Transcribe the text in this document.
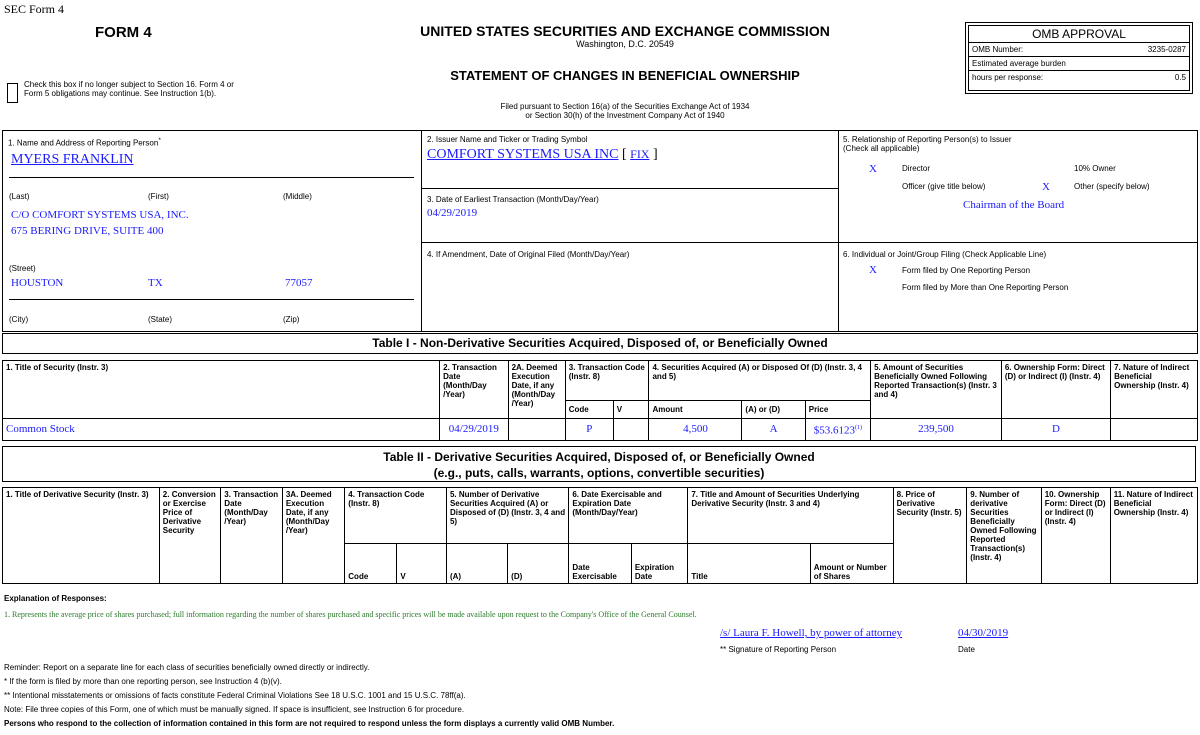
SEC Form 4
FORM 4
Check this box if no longer subject to Section 16. Form 4 or Form 5 obligations may continue. See Instruction 1(b).
UNITED STATES SECURITIES AND EXCHANGE COMMISSION
Washington, D.C. 20549
STATEMENT OF CHANGES IN BENEFICIAL OWNERSHIP
Filed pursuant to Section 16(a) of the Securities Exchange Act of 1934
or Section 30(h) of the Investment Company Act of 1940
OMB APPROVAL
OMB Number:	3235-0287
Estimated average burden
hours per response:	0.5
1. Name and Address of Reporting Person*
MYERS FRANKLIN
(Last)	(First)	(Middle)
C/O COMFORT SYSTEMS USA, INC.
675 BERING DRIVE, SUITE 400
(Street)
HOUSTON	TX	77057
(City)	(State)	(Zip)
2. Issuer Name and Ticker or Trading Symbol
COMFORT SYSTEMS USA INC [ FIX ]
3. Date of Earliest Transaction (Month/Day/Year)
04/29/2019
4. If Amendment, Date of Original Filed (Month/Day/Year)
5. Relationship of Reporting Person(s) to Issuer
(Check all applicable)
X	Director	10% Owner
Officer (give title below)	X	Other (specify below)
Chairman of the Board
6. Individual or Joint/Group Filing (Check Applicable Line)
X	Form filed by One Reporting Person
Form filed by More than One Reporting Person
Table I - Non-Derivative Securities Acquired, Disposed of, or Beneficially Owned
1. Title of Security (Instr. 3)	2. Transaction Date (Month/Day /Year)	2A. Deemed Execution Date, if any (Month/Day /Year)	3. Transaction Code (Instr. 8)		4. Securities Acquired (A) or Disposed Of (D) (Instr. 3, 4 and 5)			5. Amount of Securities Beneficially Owned Following Reported Transaction(s) (Instr. 3 and 4)	6. Ownership Form: Direct (D) or Indirect (I) (Instr. 4)	7. Nature of Indirect Beneficial Ownership (Instr. 4)
			Code	V	Amount	(A) or (D)	Price			
Common Stock	04/29/2019		P		4,500	A	$53.6123$^{(1)}$	239,500	D	
Table II - Derivative Securities Acquired, Disposed of, or Beneficially Owned
(e.g., puts, calls, warrants, options, convertible securities)
1. Title of Derivative Security (Instr. 3)	2. Conversion or Exercise Price of Derivative Security	3. Transaction Date (Month/Day /Year)	3A. Deemed Execution Date, if any (Month/Day /Year)	4. Transaction Code (Instr. 8)		5. Number of Derivative Securities Acquired (A) or Disposed of (D) (Instr. 3, 4 and 5)		6. Date Exercisable and Expiration Date (Month/Day/Year)		7. Title and Amount of Securities Underlying Derivative Security (Instr. 3 and 4)		8. Price of Derivative Security (Instr. 5)	9. Number of derivative Securities Beneficially Owned Following Reported Transaction(s) (Instr. 4)	10. Ownership Form: Direct (D) or Indirect (I) (Instr. 4)	11. Nature of Indirect Beneficial Ownership (Instr. 4)
				Code	V	(A)	(D)	Date Exercisable	Expiration Date	Title	Amount or Number of Shares				
Explanation of Responses:
1. Represents the average price of shares purchased; full information regarding the number of shares purchased and specific prices will be made available upon request to the Company's Office of the General Counsel.
/s/ Laura F. Howell, by power of attorney	04/30/2019
** Signature of Reporting Person	Date
Reminder: Report on a separate line for each class of securities beneficially owned directly or indirectly.
* If the form is filed by more than one reporting person, see Instruction 4 (b)(v).
** Intentional misstatements or omissions of facts constitute Federal Criminal Violations See 18 U.S.C. 1001 and 15 U.S.C. 78ff(a).
Note: File three copies of this Form, one of which must be manually signed. If space is insufficient, see Instruction 6 for procedure.
Persons who respond to the collection of information contained in this form are not required to respond unless the form displays a currently valid OMB Number.
